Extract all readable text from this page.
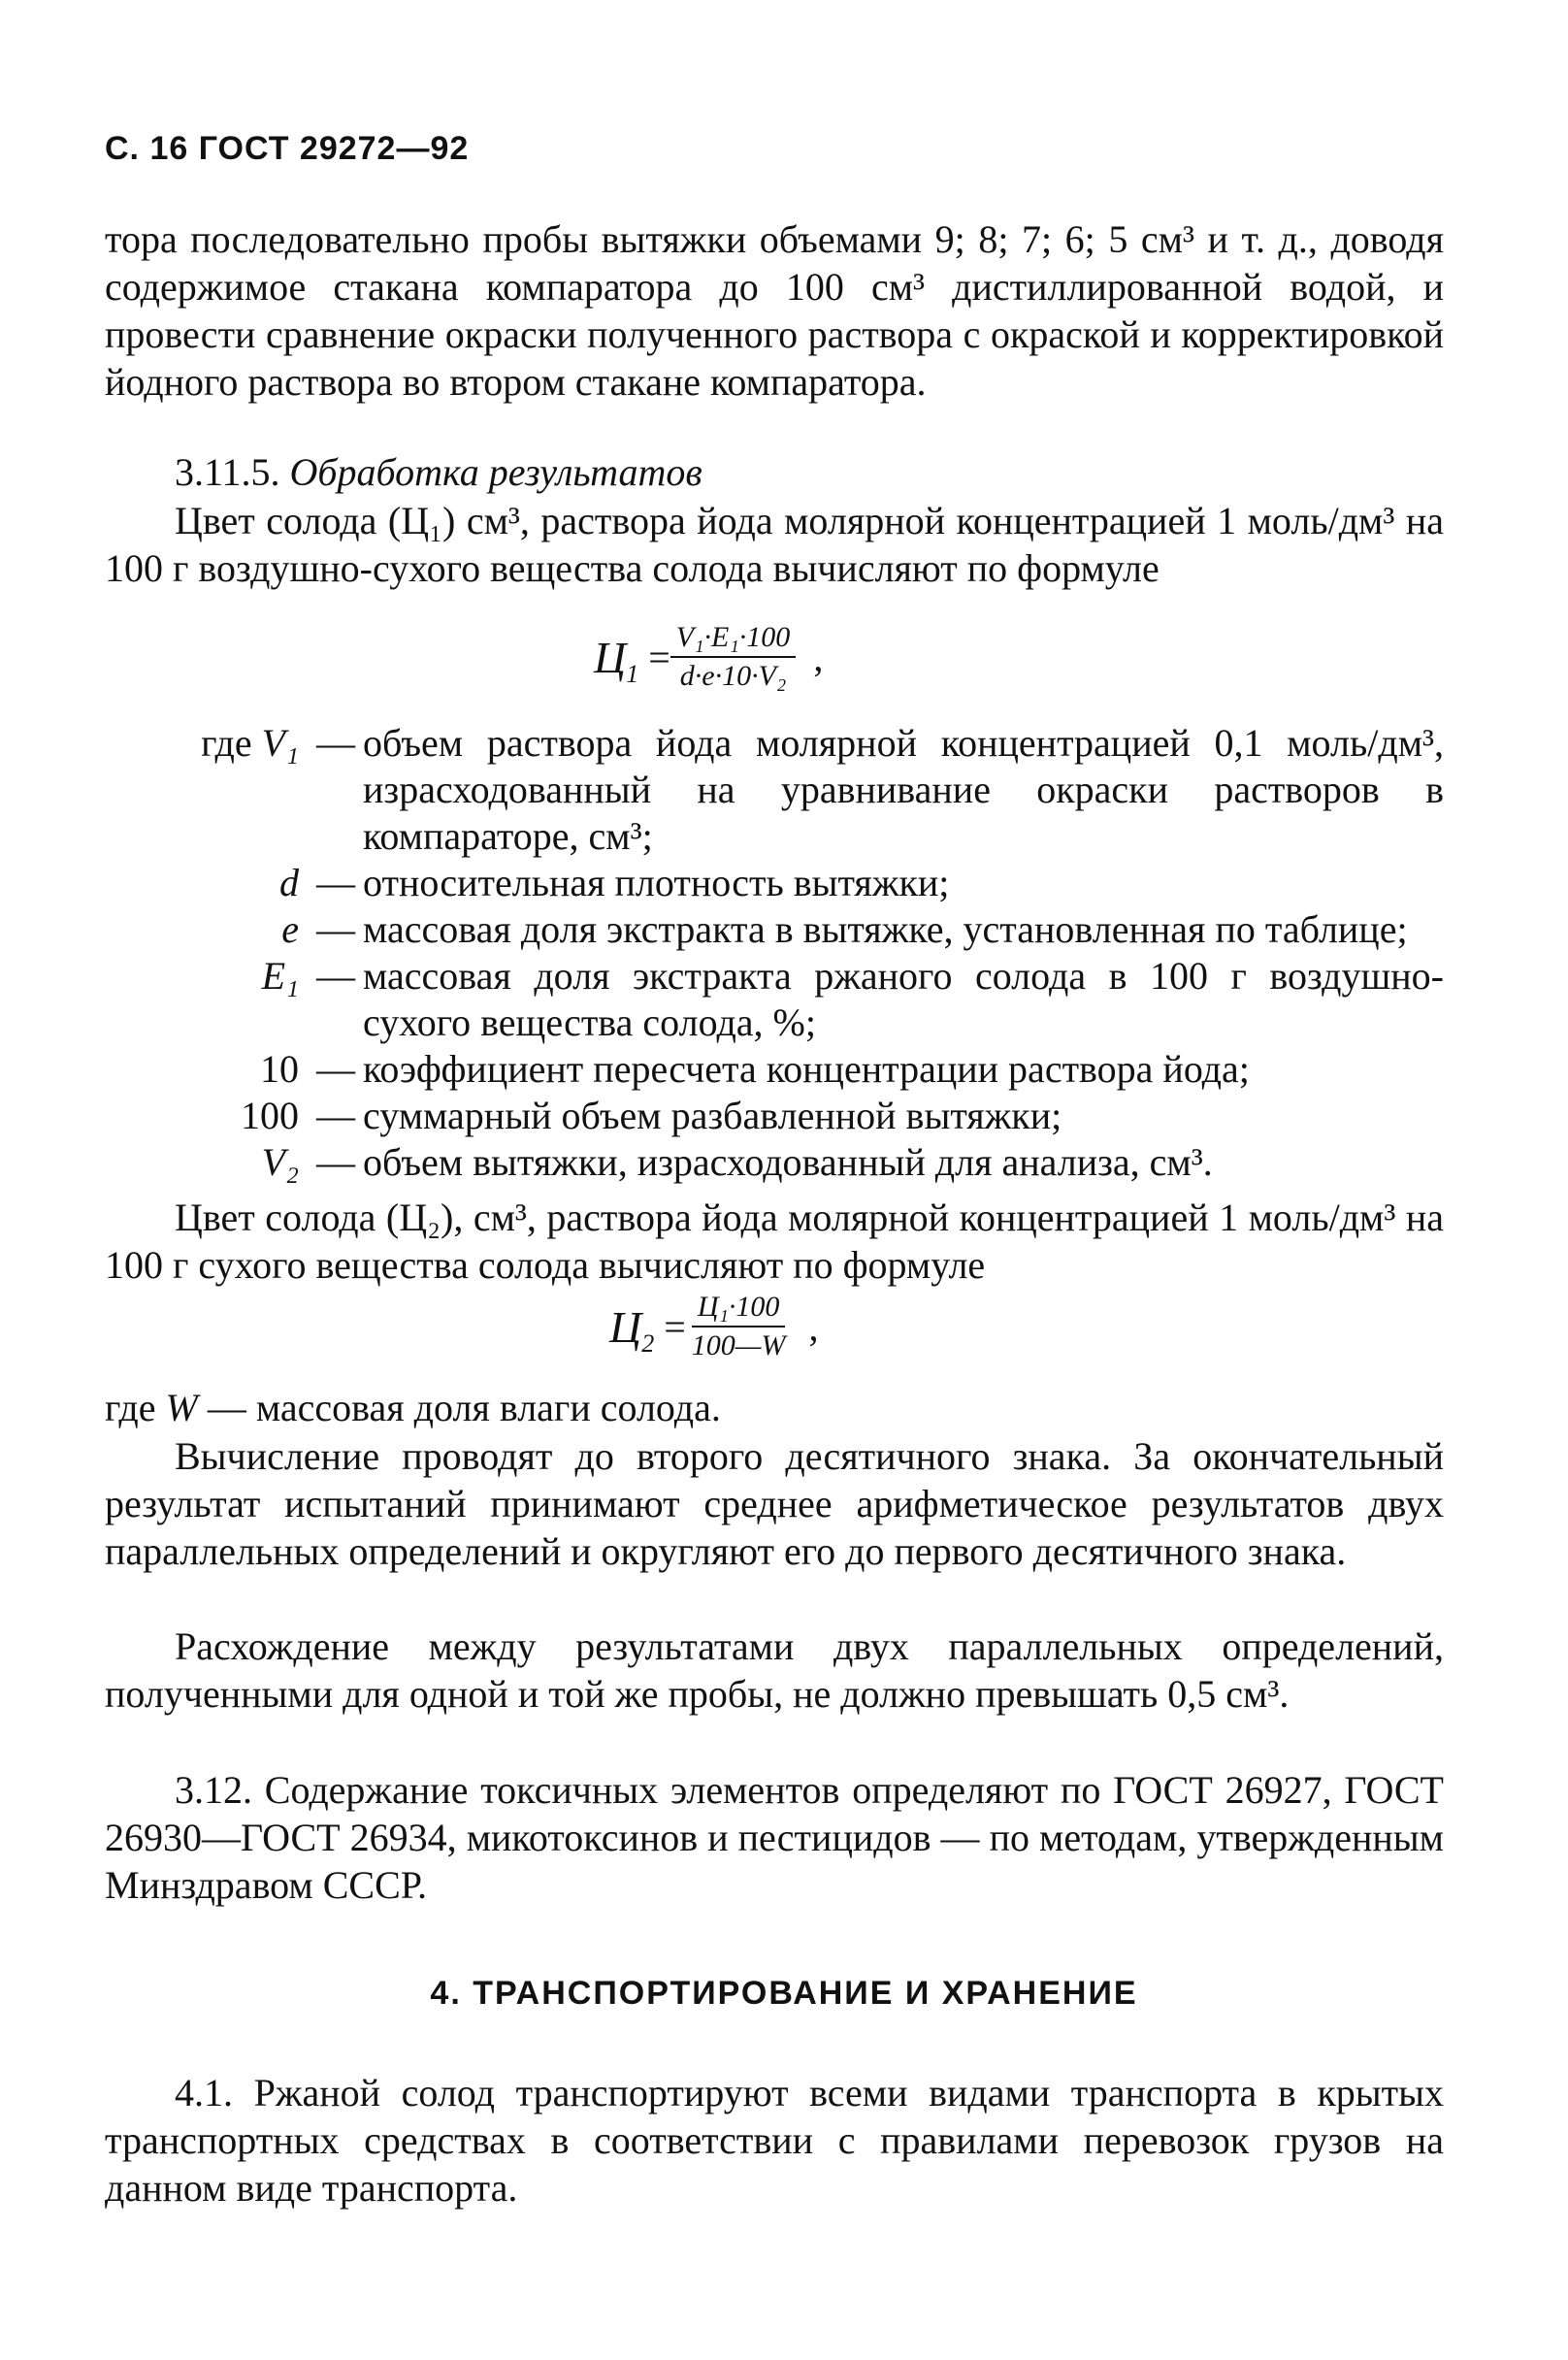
С. 16 ГОСТ 29272—92
тора последовательно пробы вытяжки объемами 9; 8; 7; 6; 5 см³ и т. д., доводя содержимое стакана компаратора до 100 см³ дистиллированной водой, и провести сравнение окраски полученного раствора с окраской и корректировкой йодного раствора во втором стакане компаратора.
3.11.5. Обработка результатов
Цвет солода (Ц₁) см³, раствора йода молярной концентрацией 1 моль/дм³ на 100 г воздушно-сухого вещества солода вычисляют по формуле
$Ц_1 = \frac{\text{V₁·E₁·100}}{\text{d·e·10·V₂}}$ ,
где V₁ — объем раствора йода молярной концентрацией 0,1 моль/дм³, израсходованный на уравнивание окраски растворов в компараторе, см³;
d — относительная плотность вытяжки;
e — массовая доля экстракта в вытяжке, установленная по таблице;
E₁ — массовая доля экстракта ржаного солода в 100 г воздушно-сухого вещества солода, %;
10 — коэффициент пересчета концентрации раствора йода;
100 — суммарный объем разбавленной вытяжки;
V₂ — объем вытяжки, израсходованный для анализа, см³.
Цвет солода (Ц₂), см³, раствора йода молярной концентрацией 1 моль/дм³ на 100 г сухого вещества солода вычисляют по формуле
$Ц_2 = \frac{\text{Ц₁·100}}{100—W}$ ,
где W — массовая доля влаги солода.
Вычисление проводят до второго десятичного знака. За окончательный результат испытаний принимают среднее арифметическое результатов двух параллельных определений и округляют его до первого десятичного знака.
Расхождение между результатами двух параллельных определений, полученными для одной и той же пробы, не должно превышать 0,5 см³.
3.12. Содержание токсичных элементов определяют по ГОСТ 26927, ГОСТ 26930—ГОСТ 26934, микотоксинов и пестицидов — по методам, утвержденным Минздравом СССР.
4. ТРАНСПОРТИРОВАНИЕ И ХРАНЕНИЕ
4.1. Ржаной солод транспортируют всеми видами транспорта в крытых транспортных средствах в соответствии с правилами перевозок грузов на данном виде транспорта.
